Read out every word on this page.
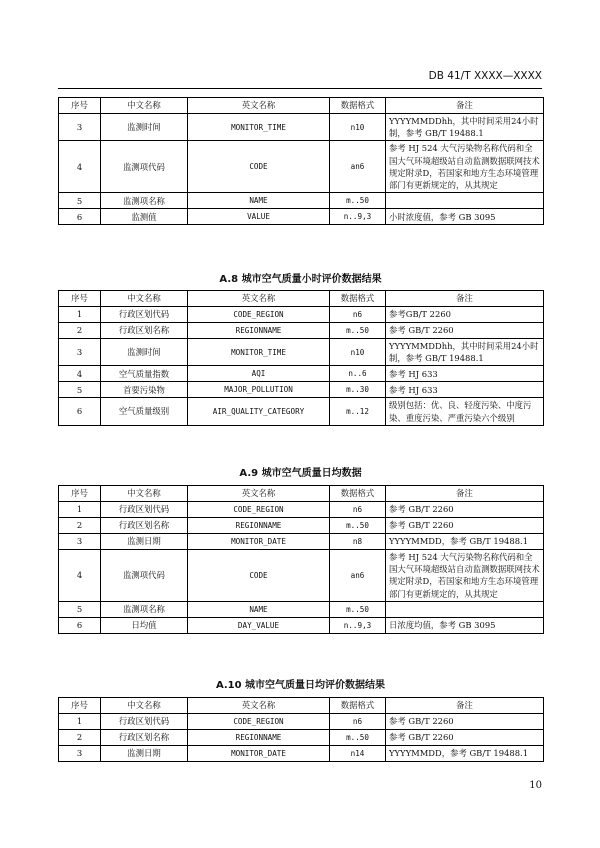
DB 41/T XXXX—XXXX
序号	中文名称	英文名称	数据格式	备注
3	监测时间	MONITOR_TIME	n10	YYYYMMDDhh，其中时间采用24小时制，参考 GB/T 19488.1
4	监测项代码	CODE	an6	参考 HJ 524 大气污染物名称代码和全国大气环境超级站自动监测数据联网技术规定附录D，若国家和地方生态环境管理部门有更新规定的，从其规定
5	监测项名称	NAME	m..50	
6	监测值	VALUE	n..9,3	小时浓度值，参考 GB 3095
A.8 城市空气质量小时评价数据结果
序号	中文名称	英文名称	数据格式	备注
1	行政区划代码	CODE_REGION	n6	参考GB/T 2260
2	行政区划名称	REGIONNAME	m..50	参考 GB/T 2260
3	监测时间	MONITOR_TIME	n10	YYYYMMDDhh，其中时间采用24小时制，参考 GB/T 19488.1
4	空气质量指数	AQI	n..6	参考 HJ 633
5	首要污染物	MAJOR_POLLUTION	m..30	参考 HJ 633
6	空气质量级别	AIR_QUALITY_CATEGORY	m..12	级别包括：优、良、轻度污染、中度污染、重度污染、严重污染六个级别
A.9 城市空气质量日均数据
序号	中文名称	英文名称	数据格式	备注
1	行政区划代码	CODE_REGION	n6	参考 GB/T 2260
2	行政区划名称	REGIONNAME	m..50	参考 GB/T 2260
3	监测日期	MONITOR_DATE	n8	YYYYMMDD，参考 GB/T 19488.1
4	监测项代码	CODE	an6	参考 HJ 524 大气污染物名称代码和全国大气环境超级站自动监测数据联网技术规定附录D，若国家和地方生态环境管理部门有更新规定的，从其规定
5	监测项名称	NAME	m..50	
6	日均值	DAY_VALUE	n..9,3	日浓度均值，参考 GB 3095
A.10 城市空气质量日均评价数据结果
序号	中文名称	英文名称	数据格式	备注
1	行政区划代码	CODE_REGION	n6	参考 GB/T 2260
2	行政区划名称	REGIONNAME	m..50	参考 GB/T 2260
3	监测日期	MONITOR_DATE	n14	YYYYMMDD，参考 GB/T 19488.1
10
